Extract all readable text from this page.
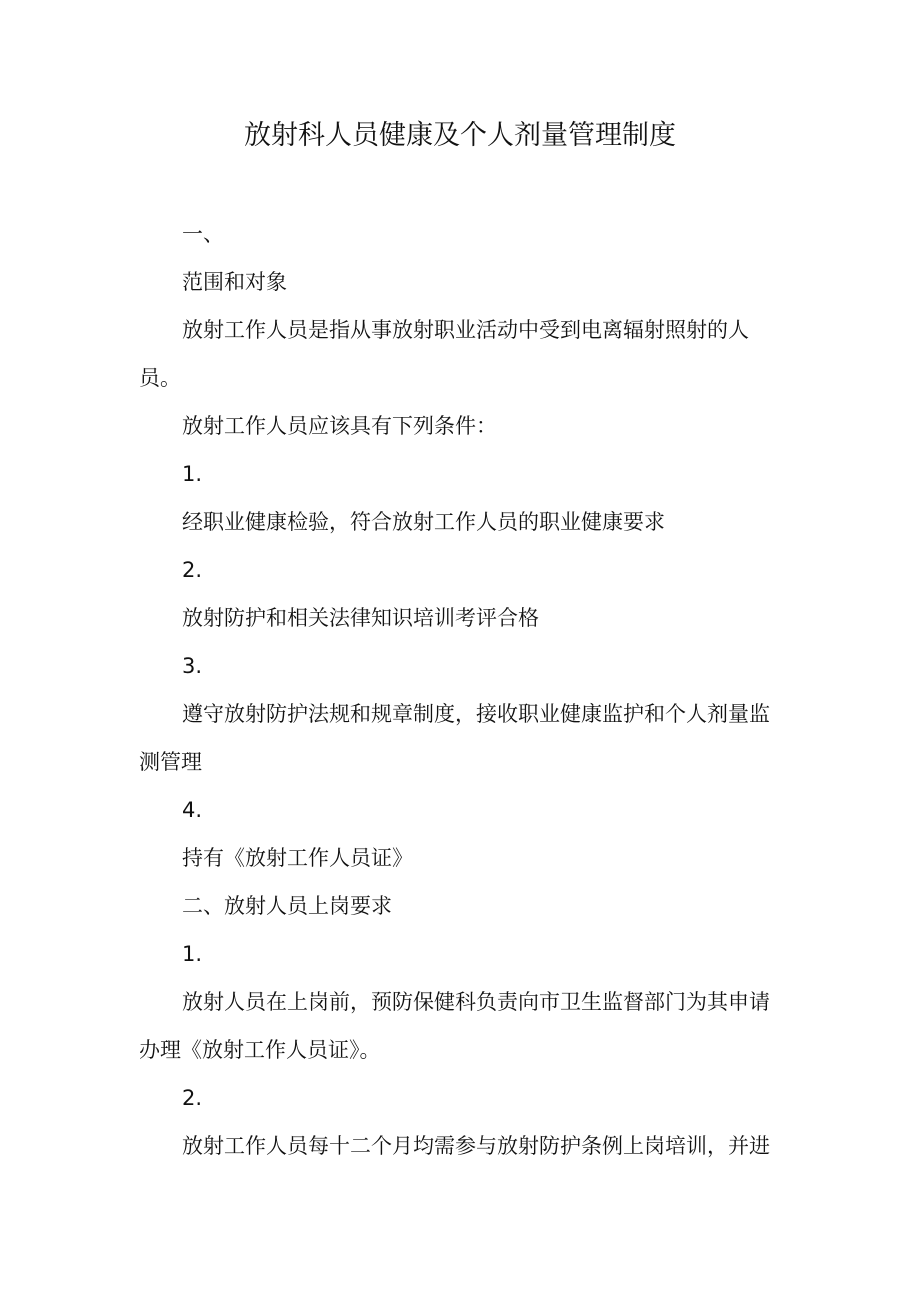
放射科人员健康及个人剂量管理制度

一、

范围和对象

放射工作人员是指从事放射职业活动中受到电离辐射照射的人员。

放射工作人员应该具有下列条件：

1.

经职业健康检验，符合放射工作人员的职业健康要求

2.

放射防护和相关法律知识培训考评合格

3.

遵守放射防护法规和规章制度，接收职业健康监护和个人剂量监测管理

4.

持有《放射工作人员证》

二、放射人员上岗要求

1.

放射人员在上岗前，预防保健科负责向市卫生监督部门为其申请办理《放射工作人员证》。

2.

放射工作人员每十二个月均需参与放射防护条例上岗培训，并进
